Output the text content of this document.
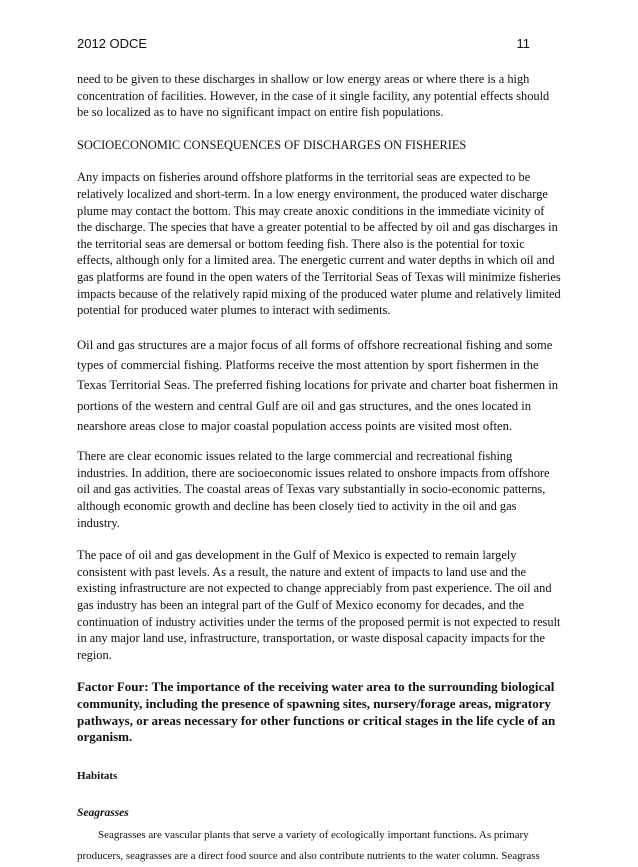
2012 ODCE	11

need to be given to these discharges in shallow or low energy areas or where there is a high concentration of facilities. However, in the case of it single facility, any potential effects should be so localized as to have no significant impact on entire fish populations.

SOCIOECONOMIC CONSEQUENCES OF DISCHARGES ON FISHERIES

Any impacts on fisheries around offshore platforms in the territorial seas are expected to be relatively localized and short-term. In a low energy environment, the produced water discharge plume may contact the bottom. This may create anoxic conditions in the immediate vicinity of the discharge. The species that have a greater potential to be affected by oil and gas discharges in the territorial seas are demersal or bottom feeding fish. There also is the potential for toxic effects, although only for a limited area. The energetic current and water depths in which oil and gas platforms are found in the open waters of the Territorial Seas of Texas will minimize fisheries impacts because of the relatively rapid mixing of the produced water plume and relatively limited potential for produced water plumes to interact with sediments.

Oil and gas structures are a major focus of all forms of offshore recreational fishing and some types of commercial fishing. Platforms receive the most attention by sport fishermen in the Texas Territorial Seas. The preferred fishing locations for private and charter boat fishermen in portions of the western and central Gulf are oil and gas structures, and the ones located in nearshore areas close to major coastal population access points are visited most often.

There are clear economic issues related to the large commercial and recreational fishing industries. In addition, there are socioeconomic issues related to onshore impacts from offshore oil and gas activities. The coastal areas of Texas vary substantially in socio-economic patterns, although economic growth and decline has been closely tied to activity in the oil and gas industry.

The pace of oil and gas development in the Gulf of Mexico is expected to remain largely consistent with past levels. As a result, the nature and extent of impacts to land use and the existing infrastructure are not expected to change appreciably from past experience. The oil and gas industry has been an integral part of the Gulf of Mexico economy for decades, and the continuation of industry activities under the terms of the proposed permit is not expected to result in any major land use, infrastructure, transportation, or waste disposal capacity impacts for the region.

Factor Four: The importance of the receiving water area to the surrounding biological community, including the presence of spawning sites, nursery/forage areas, migratory pathways, or areas necessary for other functions or critical stages in the life cycle of an organism.

Habitats

Seagrasses

Seagrasses are vascular plants that serve a variety of ecologically important functions. As primary producers, seagrasses are a direct food source and also contribute nutrients to the water column. Seagrass
